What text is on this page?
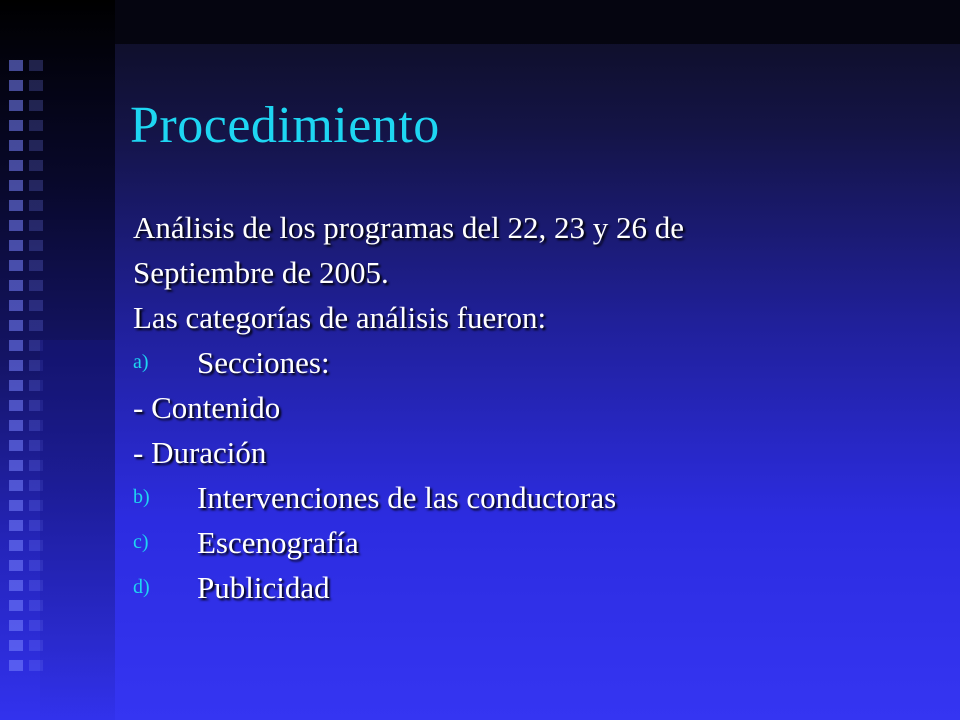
Procedimiento
Análisis de los programas del 22, 23 y 26 de
Septiembre de 2005.
Las categorías de análisis fueron:
a) Secciones:
- Contenido
- Duración
b) Intervenciones de las conductoras
c) Escenografía
d) Publicidad
